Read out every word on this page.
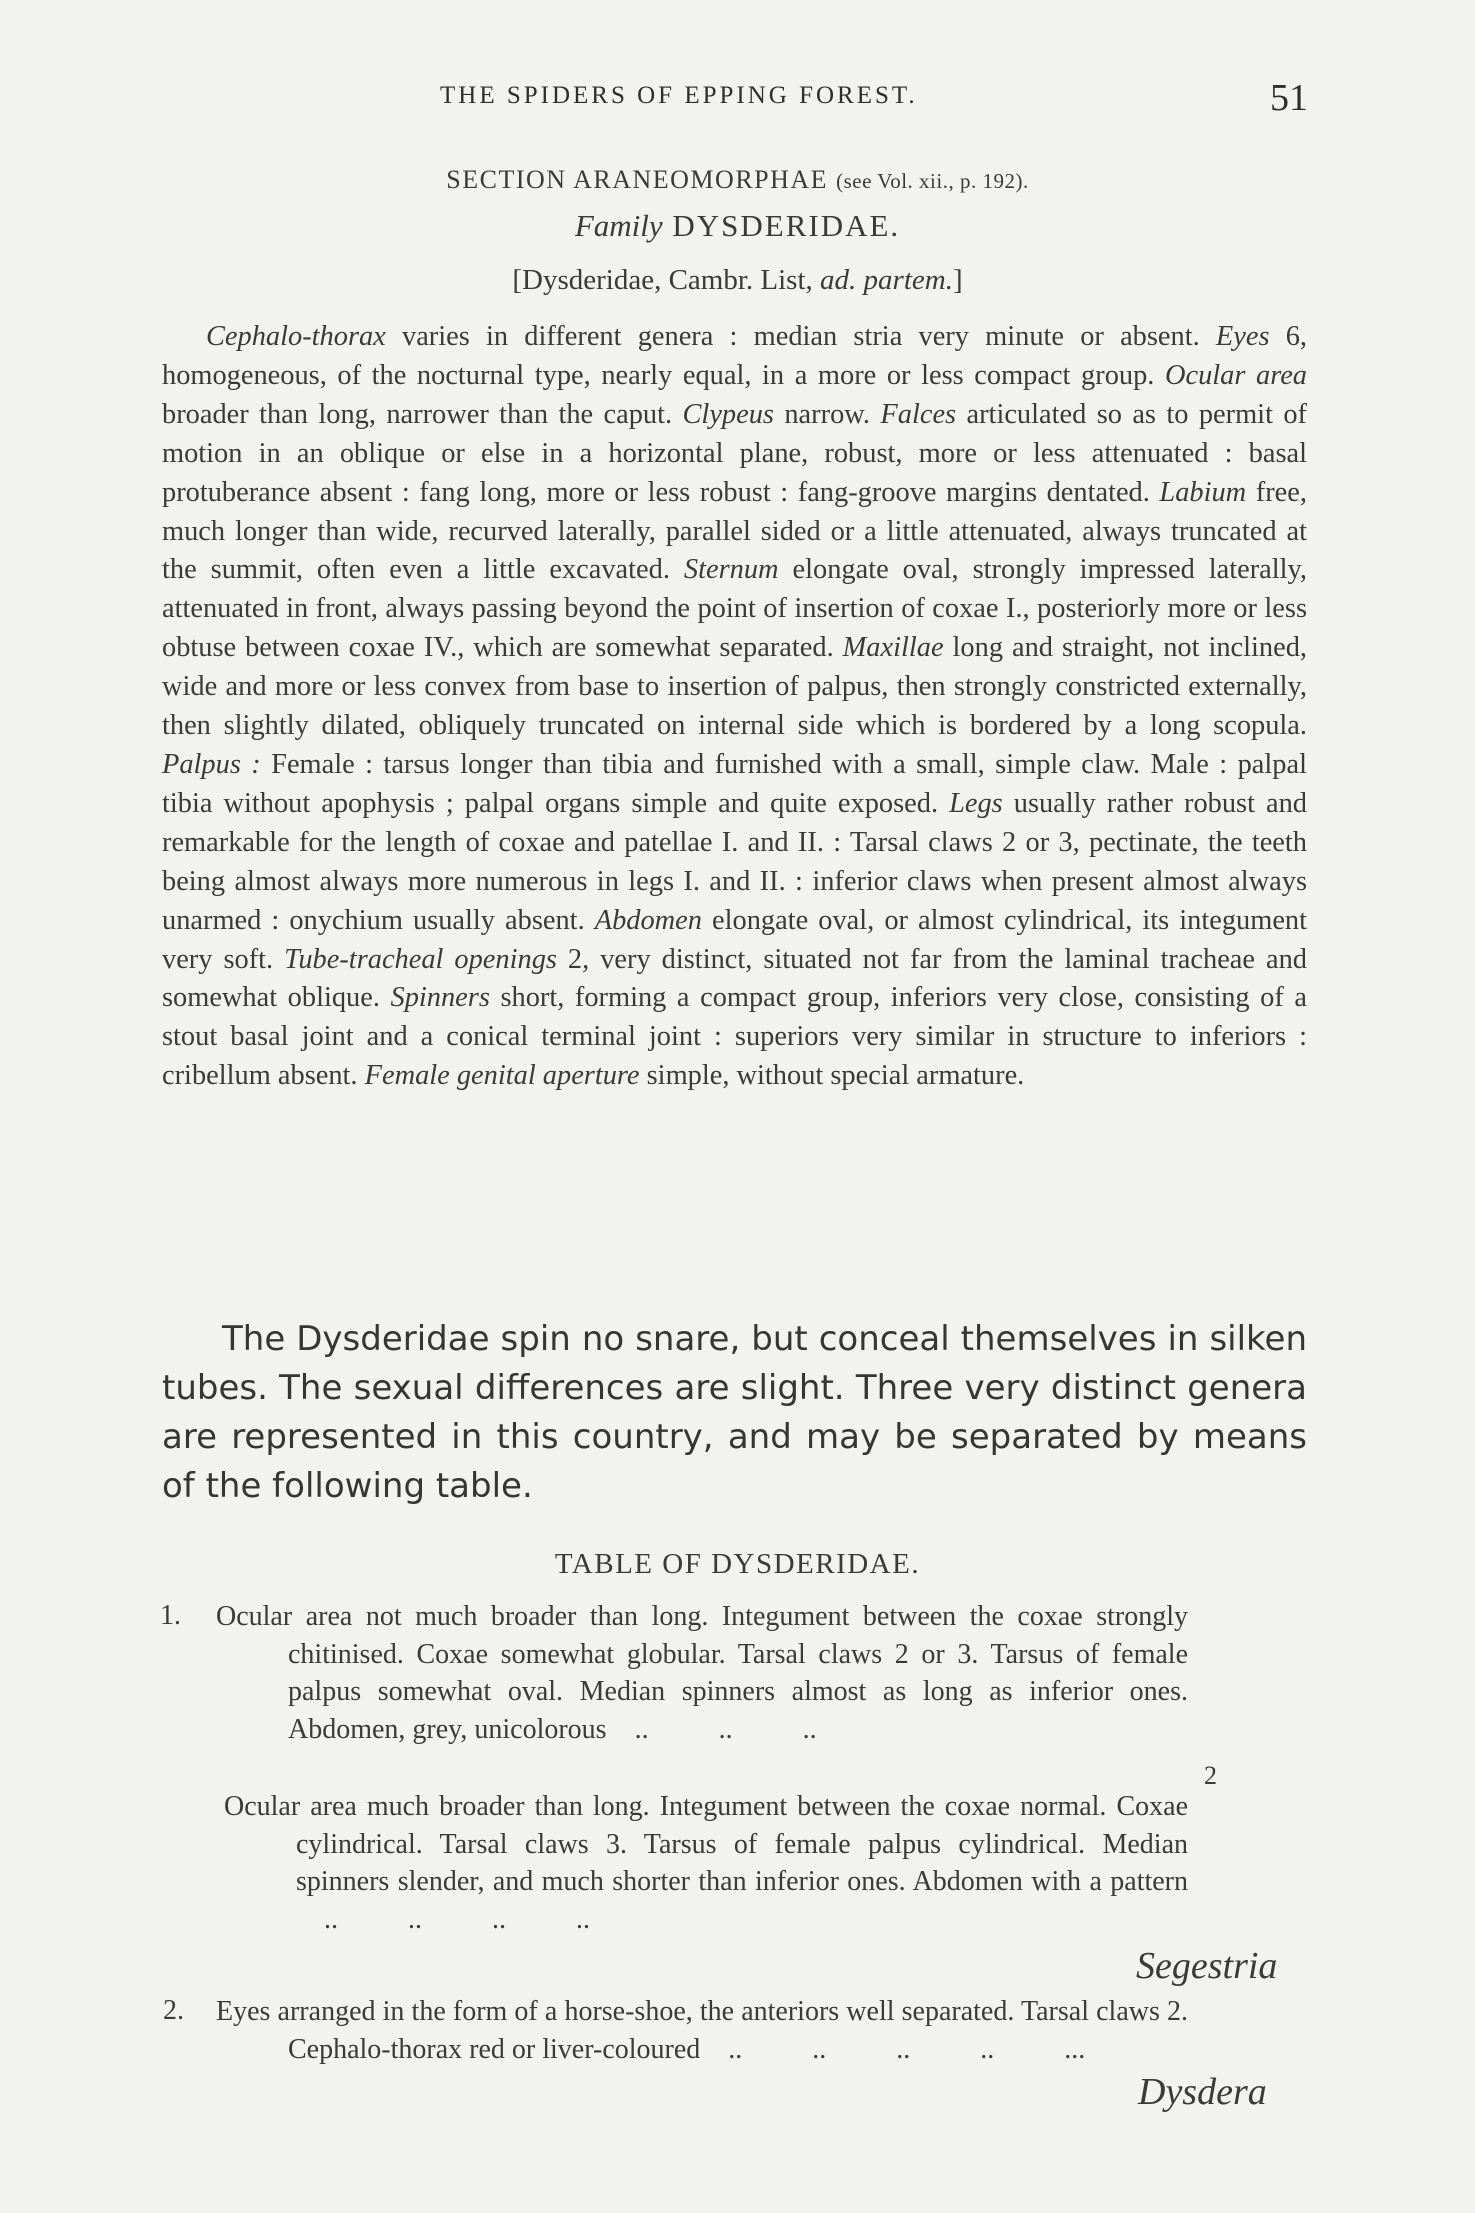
THE SPIDERS OF EPPING FOREST.	51
SECTION ARANEOMORPHAE (see Vol. xii., p. 192).
Family DYSDERIDAE.
[Dysderidae, Cambr. List, ad. partem.]
Cephalo-thorax varies in different genera : median stria very minute or absent. Eyes 6, homogeneous, of the nocturnal type, nearly equal, in a more or less compact group. Ocular area broader than long, narrower than the caput. Clypeus narrow. Falces articulated so as to permit of motion in an oblique or else in a horizontal plane, robust, more or less attenuated : basal protuberance absent : fang long, more or less robust : fang-groove margins dentated. Labium free, much longer than wide, recurved laterally, parallel sided or a little attenuated, always truncated at the summit, often even a little excavated. Sternum elongate oval, strongly impressed laterally, attenuated in front, always passing beyond the point of insertion of coxae I., posteriorly more or less obtuse between coxae IV., which are somewhat separated. Maxillae long and straight, not inclined, wide and more or less convex from base to insertion of palpus, then strongly constricted externally, then slightly dilated, obliquely truncated on internal side which is bordered by a long scopula. Palpus : Female : tarsus longer than tibia and furnished with a small, simple claw. Male : palpal tibia without apophysis ; palpal organs simple and quite exposed. Legs usually rather robust and remarkable for the length of coxae and patellae I. and II. : Tarsal claws 2 or 3, pectinate, the teeth being almost always more numerous in legs I. and II. : inferior claws when present almost always unarmed : onychium usually absent. Abdomen elongate oval, or almost cylindrical, its integument very soft. Tube-tracheal openings 2, very distinct, situated not far from the laminal tracheae and somewhat oblique. Spinners short, forming a compact group, inferiors very close, consisting of a stout basal joint and a conical terminal joint : superiors very similar in structure to inferiors : cribellum absent. Female genital aperture simple, without special armature.
The Dysderidae spin no snare, but conceal themselves in silken tubes. The sexual differences are slight. Three very distinct genera are represented in this country, and may be separated by means of the following table.
TABLE OF DYSDERIDAE.
1. Ocular area not much broader than long. Integument between the coxae strongly chitinised. Coxae somewhat globular. Tarsal claws 2 or 3. Tarsus of female palpus somewhat oval. Median spinners almost as long as inferior ones. Abdomen, grey, unicolorous    ..          ..          ..
2
Ocular area much broader than long. Integument between the coxae normal. Coxae cylindrical. Tarsal claws 3. Tarsus of female palpus cylindrical. Median spinners slender, and much shorter than inferior ones. Abdomen with a pattern    ..          ..          ..          ..
Segestria
2. Eyes arranged in the form of a horse-shoe, the anteriors well separated. Tarsal claws 2. Cephalo-thorax red or liver-coloured    ..          ..          ..          ..          ...
Dysdera
